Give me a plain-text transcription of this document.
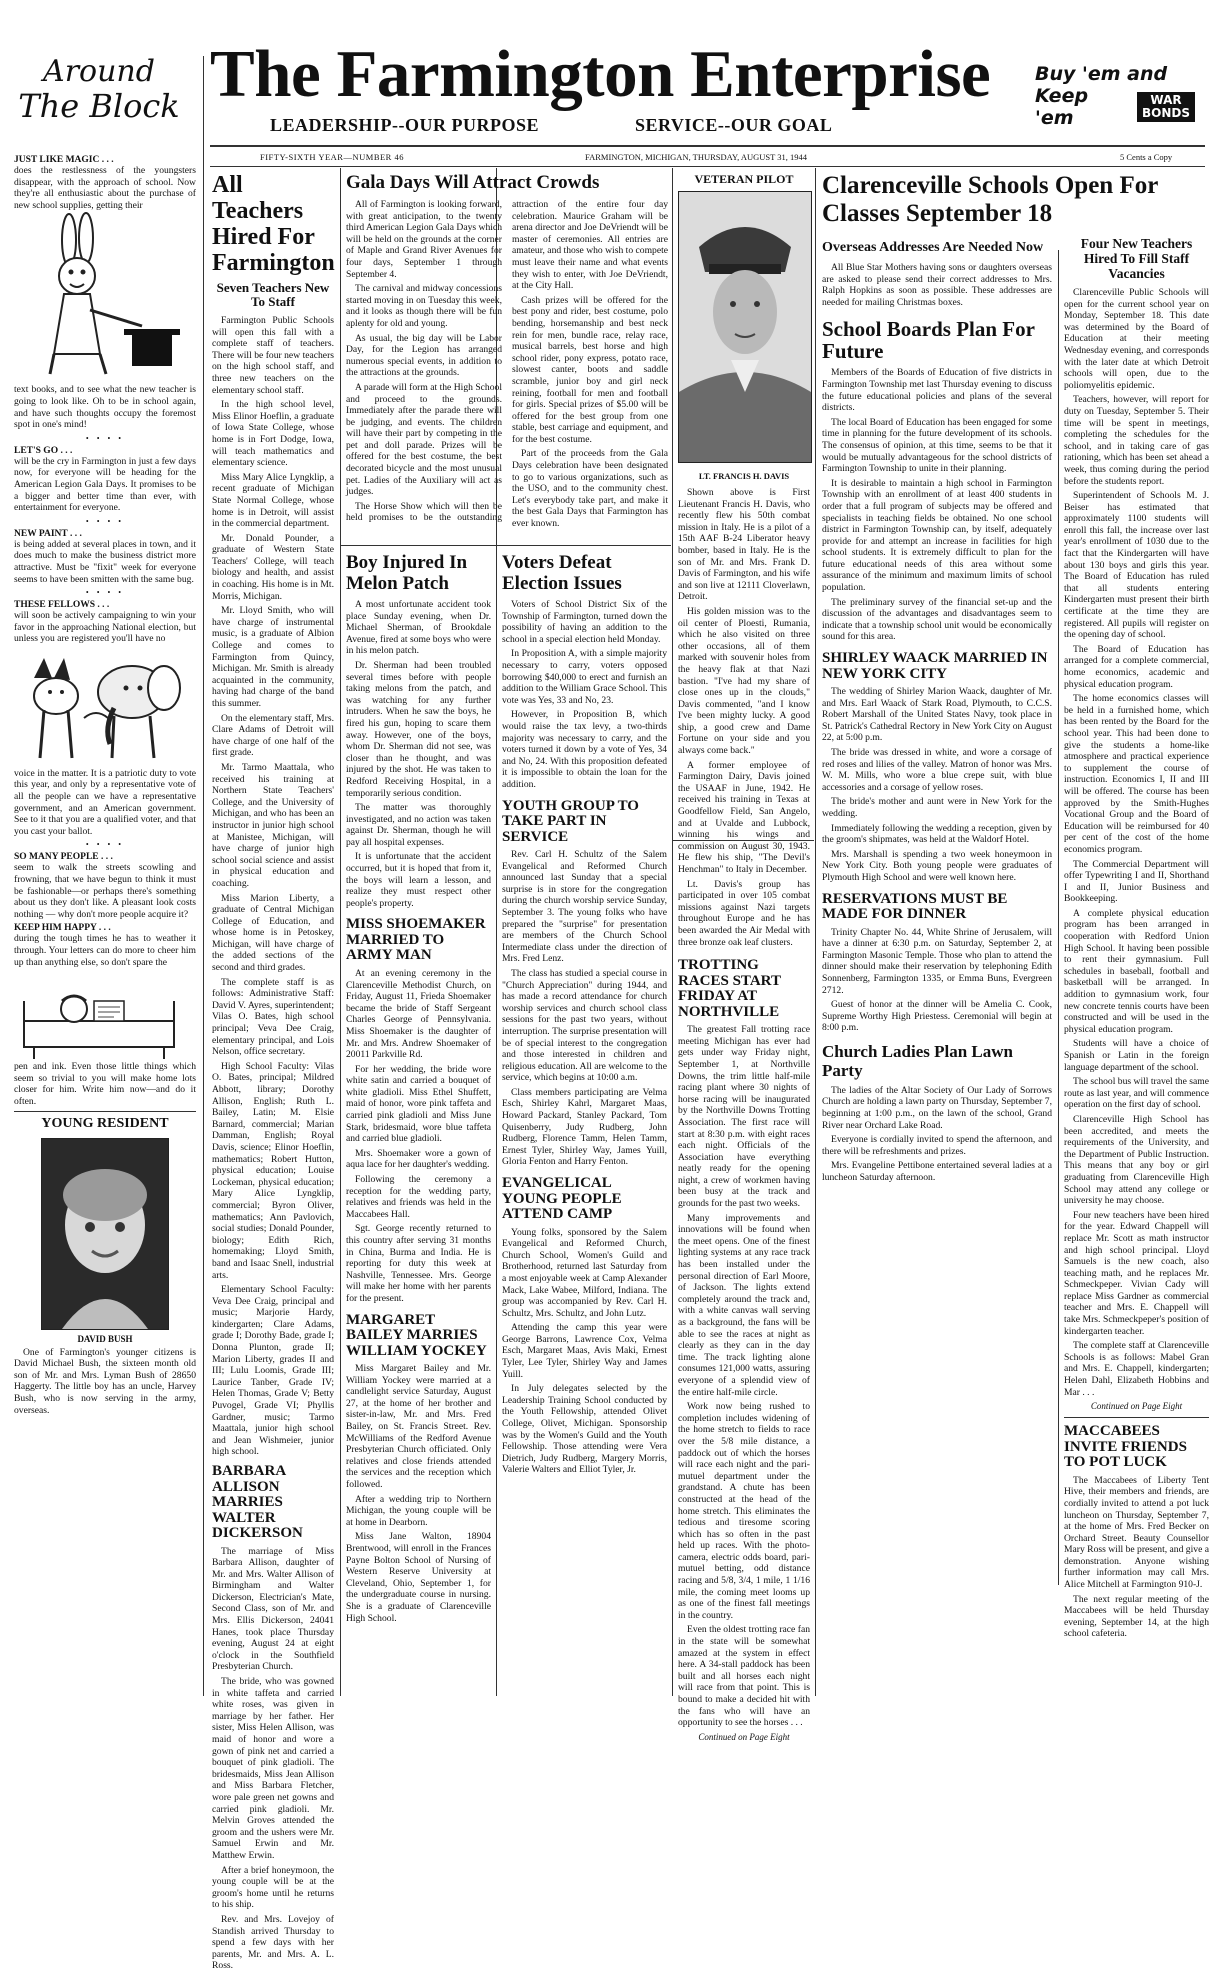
Around
The Block The Farmington Enterprise
LEADERSHIP--OUR PURPOSE	SERVICE--OUR GOAL
Buy 'em and
Keep 'em
WAR BONDS
FIFTY-SIXTH YEAR—NUMBER 46	FARMINGTON, MICHIGAN, THURSDAY, AUGUST 31, 1944	5 Cents a Copy

JUST LIKE MAGIC . . .

does the restlessness of the youngsters disappear, with the approach of school. Now they're all enthusiastic about the purchase of new school supplies, getting their

text books, and to see what the new teacher is going to look like. Oh to be in school again, and have such thoughts occupy the foremost spot in one's mind!

• • • •

LET'S GO . . .

will be the cry in Farmington in just a few days now, for everyone will be heading for the American Legion Gala Days. It promises to be a bigger and better time than ever, with entertainment for everyone.

• • • •

NEW PAINT . . .

is being added at several places in town, and it does much to make the business district more attractive. Must be "fixit" week for everyone seems to have been smitten with the same bug.

• • • •

THESE FELLOWS . . .

will soon be actively campaigning to win your favor in the approaching National election, but unless you are registered you'll have no

voice in the matter. It is a patriotic duty to vote this year, and only by a representative vote of all the people can we have a representative government, and an American government. See to it that you are a qualified voter, and that you cast your ballot.

• • • •

SO MANY PEOPLE . . .

seem to walk the streets scowling and frowning, that we have begun to think it must be fashionable—or perhaps there's something about us they don't like. A pleasant look costs nothing — why don't more people acquire it?

KEEP HIM HAPPY . . .

during the tough times he has to weather it through. Your letters can do more to cheer him up than anything else, so don't spare the

pen and ink. Even those little things which seem so trivial to you will make home lots closer for him. Write him now—and do it often.

YOUNG RESIDENT
DAVID BUSH

One of Farmington's younger citizens is David Michael Bush, the sixteen month old son of Mr. and Mrs. Lyman Bush of 28650 Haggerty. The little boy has an uncle, Harvey Bush, who is now serving in the army, overseas.

All Teachers Hired For Farmington
Seven Teachers New To Staff

Farmington Public Schools will open this fall with a complete staff of teachers. There will be four new teachers on the high school staff, and three new teachers on the elementary school staff.

In the high school level, Miss Elinor Hoeflin, a graduate of Iowa State College, whose home is in Fort Dodge, Iowa, will teach mathematics and elementary science.

Miss Mary Alice Lyngklip, a recent graduate of Michigan State Normal College, whose home is in Detroit, will assist in the commercial department.

Mr. Donald Pounder, a graduate of Western State Teachers' College, will teach biology and health, and assist in coaching. His home is in Mt. Morris, Michigan.

Mr. Lloyd Smith, who will have charge of instrumental music, is a graduate of Albion College and comes to Farmington from Quincy, Michigan. Mr. Smith is already acquainted in the community, having had charge of the band this summer.

On the elementary staff, Mrs. Clare Adams of Detroit will have charge of one half of the first grade.

Mr. Tarmo Maattala, who received his training at Northern State Teachers' College, and the University of Michigan, and who has been an instructor in junior high school at Manistee, Michigan, will have charge of junior high school social science and assist in physical education and coaching.

Miss Marion Liberty, a graduate of Central Michigan College of Education, and whose home is in Petoskey, Michigan, will have charge of the added sections of the second and third grades.

The complete staff is as follows: Administrative Staff: David V. Ayres, superintendent; Vilas O. Bates, high school principal; Veva Dee Craig, elementary principal, and Lois Nelson, office secretary.

High School Faculty: Vilas O. Bates, principal; Mildred Abbott, library; Dorothy Allison, English; Ruth L. Bailey, Latin; M. Elsie Barnard, commercial; Marian Damman, English; Royal Davis, science; Elinor Hoeflin, mathematics; Robert Hutton, physical education; Louise Lockeman, physical education; Mary Alice Lyngklip, commercial; Byron Oliver, mathematics; Ann Pavlovich, social studies; Donald Pounder, biology; Edith Rich, homemaking; Lloyd Smith, band and Isaac Snell, industrial arts.

Elementary School Faculty: Veva Dee Craig, principal and music; Marjorie Hardy, kindergarten; Clare Adams, grade I; Dorothy Bade, grade I; Donna Plunton, grade II; Marion Liberty, grades II and III; Lulu Loomis, Grade III; Laurice Tanber, Grade IV; Helen Thomas, Grade V; Betty Puvogel, Grade VI; Phyllis Gardner, music; Tarmo Maattala, junior high school and Jean Wishmeier, junior high school.

BARBARA ALLISON MARRIES WALTER DICKERSON

The marriage of Miss Barbara Allison, daughter of Mr. and Mrs. Walter Allison of Birmingham and Walter Dickerson, Electrician's Mate, Second Class, son of Mr. and Mrs. Ellis Dickerson, 24041 Hanes, took place Thursday evening, August 24 at eight o'clock in the Southfield Presbyterian Church.

The bride, who was gowned in white taffeta and carried white roses, was given in marriage by her father. Her sister, Miss Helen Allison, was maid of honor and wore a gown of pink net and carried a bouquet of pink gladioli. The bridesmaids, Miss Jean Allison and Miss Barbara Fletcher, wore pale green net gowns and carried pink gladioli. Mr. Melvin Groves attended the groom and the ushers were Mr. Samuel Erwin and Mr. Matthew Erwin.

After a brief honeymoon, the young couple will be at the groom's home until he returns to his ship.

Rev. and Mrs. Lovejoy of Standish arrived Thursday to spend a few days with her parents, Mr. and Mrs. A. L. Ross.

Gala Days Will Attract Crowds

All of Farmington is looking forward, with great anticipation, to the twenty third American Legion Gala Days which will be held on the grounds at the corner of Maple and Grand River Avenues for four days, September 1 through September 4.

The carnival and midway concessions started moving in on Tuesday this week, and it looks as though there will be fun aplenty for old and young.

As usual, the big day will be Labor Day, for the Legion has arranged numerous special events, in addition to the attractions at the grounds.

A parade will form at the High School and proceed to the grounds. Immediately after the parade there will be judging, and events. The children will have their part by competing in the pet and doll parade. Prizes will be offered for the best costume, the best decorated bicycle and the most unusual pet. Ladies of the Auxiliary will act as judges.

The Horse Show which will then be held promises to be the outstanding attraction of the entire four day celebration. Maurice Graham will be arena director and Joe DeVriendt will be master of ceremonies. All entries are amateur, and those who wish to compete must leave their name and what events they wish to enter, with Joe DeVriendt, at the City Hall.

Cash prizes will be offered for the best pony and rider, best costume, polo bending, horsemanship and best neck rein for men, bundle race, relay race, musical barrels, best horse and high school rider, pony express, potato race, slowest canter, boots and saddle scramble, junior boy and girl neck reining, football for men and football for girls. Special prizes of $5.00 will be offered for the best group from one stable, best carriage and equipment, and for the best costume.

Part of the proceeds from the Gala Days celebration have been designated to go to various organizations, such as the USO, and to the community chest. Let's everybody take part, and make it the best Gala Days that Farmington has ever known.

Boy Injured In Melon Patch

A most unfortunate accident took place Sunday evening, when Dr. Michael Sherman, of Brookdale Avenue, fired at some boys who were in his melon patch.

Dr. Sherman had been troubled several times before with people taking melons from the patch, and was watching for any further intruders. When he saw the boys, he fired his gun, hoping to scare them away. However, one of the boys, whom Dr. Sherman did not see, was closer than he thought, and was injured by the shot. He was taken to Redford Receiving Hospital, in a temporarily serious condition.

The matter was thoroughly investigated, and no action was taken against Dr. Sherman, though he will pay all hospital expenses.

It is unfortunate that the accident occurred, but it is hoped that from it, the boys will learn a lesson, and realize they must respect other people's property.

MISS SHOEMAKER MARRIED TO ARMY MAN

At an evening ceremony in the Clarenceville Methodist Church, on Friday, August 11, Frieda Shoemaker became the bride of Staff Sergeant Charles George of Pennsylvania. Miss Shoemaker is the daughter of Mr. and Mrs. Andrew Shoemaker of 20011 Parkville Rd.

For her wedding, the bride wore white satin and carried a bouquet of white gladioli. Miss Ethel Shuffett, maid of honor, wore pink taffeta and carried pink gladioli and Miss June Stark, bridesmaid, wore blue taffeta and carried blue gladioli.

Mrs. Shoemaker wore a gown of aqua lace for her daughter's wedding.

Following the ceremony a reception for the wedding party, relatives and friends was held in the Maccabees Hall.

Sgt. George recently returned to this country after serving 31 months in China, Burma and India. He is reporting for duty this week at Nashville, Tennessee. Mrs. George will make her home with her parents for the present.

MARGARET BAILEY MARRIES WILLIAM YOCKEY

Miss Margaret Bailey and Mr. William Yockey were married at a candlelight service Saturday, August 27, at the home of her brother and sister-in-law, Mr. and Mrs. Fred Bailey, on St. Francis Street. Rev. McWilliams of the Redford Avenue Presbyterian Church officiated. Only relatives and close friends attended the services and the reception which followed.

After a wedding trip to Northern Michigan, the young couple will be at home in Dearborn.

Miss Jane Walton, 18904 Brentwood, will enroll in the Frances Payne Bolton School of Nursing of Western Reserve University at Cleveland, Ohio, September 1, for the undergraduate course in nursing. She is a graduate of Clarenceville High School.

Voters Defeat Election Issues

Voters of School District Six of the Township of Farmington, turned down the possibility of having an addition to the school in a special election held Monday.

In Proposition A, with a simple majority necessary to carry, voters opposed borrowing $40,000 to erect and furnish an addition to the William Grace School. This vote was Yes, 33 and No, 23.

However, in Proposition B, which would raise the tax levy, a two-thirds majority was necessary to carry, and the voters turned it down by a vote of Yes, 34 and No, 24. With this proposition defeated it is impossible to obtain the loan for the addition.

YOUTH GROUP TO TAKE PART IN SERVICE

Rev. Carl H. Schultz of the Salem Evangelical and Reformed Church announced last Sunday that a special surprise is in store for the congregation during the church worship service Sunday, September 3. The young folks who have prepared the "surprise" for presentation are members of the Church School Intermediate class under the direction of Mrs. Fred Lenz.

The class has studied a special course in "Church Appreciation" during 1944, and has made a record attendance for church worship services and church school class sessions for the past two years, without interruption. The surprise presentation will be of special interest to the congregation and those interested in children and religious education. All are welcome to the service, which begins at 10:00 a.m.

Class members participating are Velma Esch, Shirley Kahrl, Margaret Maas, Howard Packard, Stanley Packard, Tom Quisenberry, Judy Rudberg, John Rudberg, Florence Tamm, Helen Tamm, Ernest Tyler, Shirley Way, James Yuill, Gloria Fenton and Harry Fenton.

EVANGELICAL YOUNG PEOPLE ATTEND CAMP

Young folks, sponsored by the Salem Evangelical and Reformed Church, Church School, Women's Guild and Brotherhood, returned last Saturday from a most enjoyable week at Camp Alexander Mack, Lake Wabee, Milford, Indiana. The group was accompanied by Rev. Carl H. Schultz, Mrs. Schultz, and John Lutz.

Attending the camp this year were George Barrons, Lawrence Cox, Velma Esch, Margaret Maas, Avis Maki, Ernest Tyler, Lee Tyler, Shirley Way and James Yuill.

In July delegates selected by the Leadership Training School conducted by the Youth Fellowship, attended Olivet College, Olivet, Michigan. Sponsorship was by the Women's Guild and the Youth Fellowship. Those attending were Vera Dietrich, Judy Rudberg, Margery Morris, Valerie Walters and Elliot Tyler, Jr.

VETERAN PILOT
LT. FRANCIS H. DAVIS

Shown above is First Lieutenant Francis H. Davis, who recently flew his 50th combat mission in Italy. He is a pilot of a 15th AAF B-24 Liberator heavy bomber, based in Italy. He is the son of Mr. and Mrs. Frank D. Davis of Farmington, and his wife and son live at 12111 Cloverlawn, Detroit.

His golden mission was to the oil center of Ploesti, Rumania, which he also visited on three other occasions, all of them marked with souvenir holes from the heavy flak at that Nazi bastion. "I've had my share of close ones up in the clouds," Davis commented, "and I know I've been mighty lucky. A good ship, a good crew and Dame Fortune on your side and you always come back."

A former employee of Farmington Dairy, Davis joined the USAAF in June, 1942. He received his training in Texas at Goodfellow Field, San Angelo, and at Uvalde and Lubbock, winning his wings and commission on August 30, 1943. He flew his ship, "The Devil's Henchman" to Italy in December.

Lt. Davis's group has participated in over 105 combat missions against Nazi targets throughout Europe and he has been awarded the Air Medal with three bronze oak leaf clusters.

TROTTING RACES START FRIDAY AT NORTHVILLE

The greatest Fall trotting race meeting Michigan has ever had gets under way Friday night, September 1, at Northville Downs, the trim little half-mile racing plant where 30 nights of horse racing will be inaugurated by the Northville Downs Trotting Association. The first race will start at 8:30 p.m. with eight races each night. Officials of the Association have everything neatly ready for the opening night, a crew of workmen having been busy at the track and grounds for the past two weeks.

Many improvements and innovations will be found when the meet opens. One of the finest lighting systems at any race track has been installed under the personal direction of Earl Moore, of Jackson. The lights extend completely around the track and, with a white canvas wall serving as a background, the fans will be able to see the races at night as clearly as they can in the day time. The track lighting alone consumes 121,000 watts, assuring everyone of a splendid view of the entire half-mile circle.

Work now being rushed to completion includes widening of the home stretch to fields to race over the 5/8 mile distance, a paddock out of which the horses will race each night and the pari-mutuel department under the grandstand. A chute has been constructed at the head of the home stretch. This eliminates the tedious and tiresome scoring which has so often in the past held up races. With the photo-camera, electric odds board, pari-mutuel betting, odd distance racing and 5/8, 3/4, 1 mile, 1 1/16 mile, the coming meet looms up as one of the finest fall meetings in the country.

Even the oldest trotting race fan in the state will be somewhat amazed at the system in effect here. A 34-stall paddock has been built and all horses each night will race from that point. This is bound to make a decided hit with the fans who will have an opportunity to see the horses . . .

Continued on Page Eight
Clarenceville Schools Open For Classes September 18
Overseas Addresses Are Needed Now

All Blue Star Mothers having sons or daughters overseas are asked to please send their correct addresses to Mrs. Ralph Hopkins as soon as possible. These addresses are needed for mailing Christmas boxes.

School Boards Plan For Future

Members of the Boards of Education of five districts in Farmington Township met last Thursday evening to discuss the future educational policies and plans of the several districts.

The local Board of Education has been engaged for some time in planning for the future development of its schools. The consensus of opinion, at this time, seems to be that it would be mutually advantageous for the school districts of Farmington Township to unite in their planning.

It is desirable to maintain a high school in Farmington Township with an enrollment of at least 400 students in order that a full program of subjects may be offered and specialists in teaching fields be obtained. No one school district in Farmington Township can, by itself, adequately provide for and attempt an increase in facilities for high school students. It is extremely difficult to plan for the future educational needs of this area without some assurance of the minimum and maximum limits of school population.

The preliminary survey of the financial set-up and the discussion of the advantages and disadvantages seem to indicate that a township school unit would be economically sound for this area.

SHIRLEY WAACK MARRIED IN NEW YORK CITY

The wedding of Shirley Marion Waack, daughter of Mr. and Mrs. Earl Waack of Stark Road, Plymouth, to C.C.S. Robert Marshall of the United States Navy, took place in St. Patrick's Cathedral Rectory in New York City on August 22, at 5:00 p.m.

The bride was dressed in white, and wore a corsage of red roses and lilies of the valley. Matron of honor was Mrs. W. M. Mills, who wore a blue crepe suit, with blue accessories and a corsage of yellow roses.

The bride's mother and aunt were in New York for the wedding.

Immediately following the wedding a reception, given by the groom's shipmates, was held at the Waldorf Hotel.

Mrs. Marshall is spending a two week honeymoon in New York City. Both young people were graduates of Plymouth High School and were well known here.

RESERVATIONS MUST BE MADE FOR DINNER

Trinity Chapter No. 44, White Shrine of Jerusalem, will have a dinner at 6:30 p.m. on Saturday, September 2, at Farmington Masonic Temple. Those who plan to attend the dinner should make their reservation by telephoning Edith Sonnenberg, Farmington 1335, or Emma Buns, Evergreen 2712.

Guest of honor at the dinner will be Amelia C. Cook, Supreme Worthy High Priestess. Ceremonial will begin at 8:00 p.m.

Church Ladies Plan Lawn Party

The ladies of the Altar Society of Our Lady of Sorrows Church are holding a lawn party on Thursday, September 7, beginning at 1:00 p.m., on the lawn of the school, Grand River near Orchard Lake Road.

Everyone is cordially invited to spend the afternoon, and there will be refreshments and prizes.

Mrs. Evangeline Pettibone entertained several ladies at a luncheon Saturday afternoon.

Four New Teachers Hired To Fill Staff Vacancies

Clarenceville Public Schools will open for the current school year on Monday, September 18. This date was determined by the Board of Education at their meeting Wednesday evening, and corresponds with the later date at which Detroit schools will open, due to the poliomyelitis epidemic.

Teachers, however, will report for duty on Tuesday, September 5. Their time will be spent in meetings, completing the schedules for the school, and in taking care of gas rationing, which has been set ahead a week, thus coming during the period before the students report.

Superintendent of Schools M. J. Beiser has estimated that approximately 1100 students will enroll this fall, the increase over last year's enrollment of 1030 due to the fact that the Kindergarten will have about 130 boys and girls this year. The Board of Education has ruled that all students entering Kindergarten must present their birth certificate at the time they are registered. All pupils will register on the opening day of school.

The Board of Education has arranged for a complete commercial, home economics, academic and physical education program.

The home economics classes will be held in a furnished home, which has been rented by the Board for the school year. This had been done to give the students a home-like atmosphere and practical experience to supplement the course of instruction. Economics I, II and III will be offered. The course has been approved by the Smith-Hughes Vocational Group and the Board of Education will be reimbursed for 40 per cent of the cost of the home economics program.

The Commercial Department will offer Typewriting I and II, Shorthand I and II, Junior Business and Bookkeeping.

A complete physical education program has been arranged in cooperation with Redford Union High School. It having been possible to rent their gymnasium. Full schedules in baseball, football and basketball will be arranged. In addition to gymnasium work, four new concrete tennis courts have been constructed and will be used in the physical education program.

Students will have a choice of Spanish or Latin in the foreign language department of the school.

The school bus will travel the same route as last year, and will commence operation on the first day of school.

Clarenceville High School has been accredited, and meets the requirements of the University, and the Department of Public Instruction. This means that any boy or girl graduating from Clarenceville High School may attend any college or university he may choose.

Four new teachers have been hired for the year. Edward Chappell will replace Mr. Scott as math instructor and high school principal. Lloyd Samuels is the new coach, also teaching math, and he replaces Mr. Schmeckpeper. Vivian Cady will replace Miss Gardner as commercial teacher and Mrs. E. Chappell will take Mrs. Schmeckpeper's position of kindergarten teacher.

The complete staff at Clarenceville Schools is as follows: Mabel Gran and Mrs. E. Chappell, kindergarten; Helen Dahl, Elizabeth Hobbins and Mar . . .

Continued on Page Eight
MACCABEES INVITE FRIENDS TO POT LUCK

The Maccabees of Liberty Tent Hive, their members and friends, are cordially invited to attend a pot luck luncheon on Thursday, September 7, at the home of Mrs. Fred Becker on Orchard Street. Beauty Counsellor Mary Ross will be present, and give a demonstration. Anyone wishing further information may call Mrs. Alice Mitchell at Farmington 910-J.

The next regular meeting of the Maccabees will be held Thursday evening, September 14, at the high school cafeteria.
